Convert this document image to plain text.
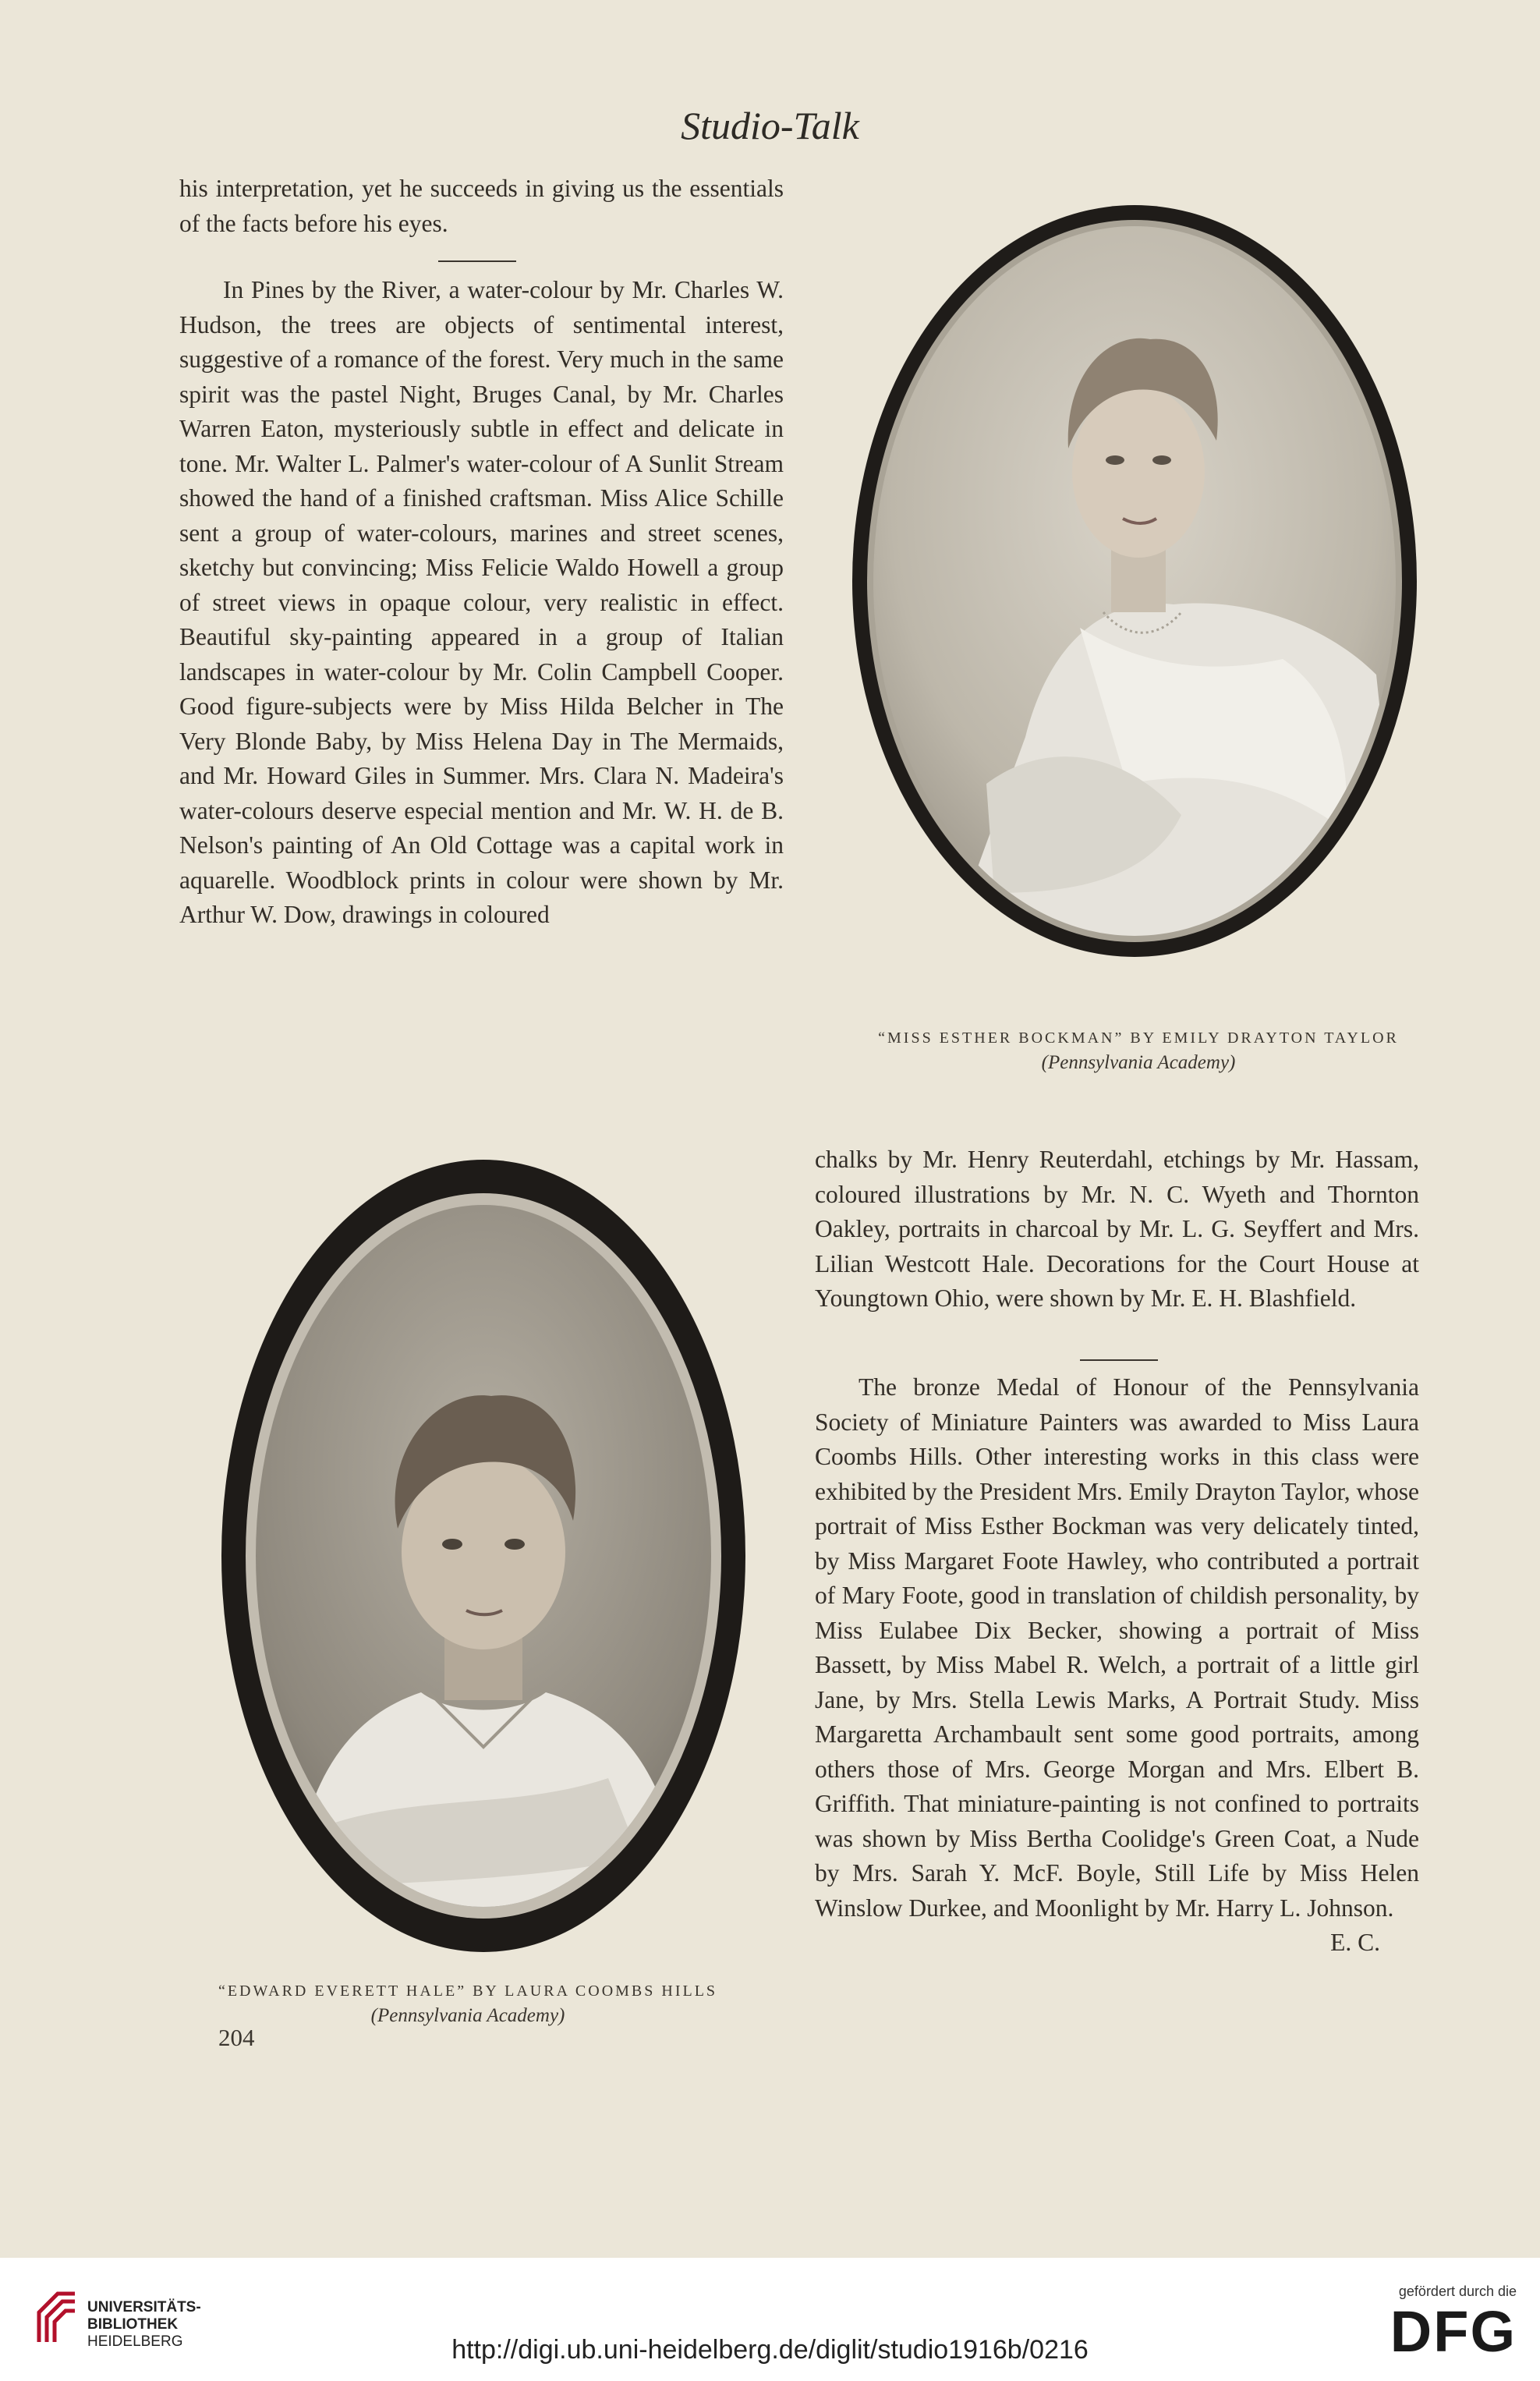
Studio-Talk

his interpretation, yet he succeeds in giving us the essentials of the facts before his eyes.

In Pines by the River, a water-colour by Mr. Charles W. Hudson, the trees are objects of sentimental interest, suggestive of a romance of the forest. Very much in the same spirit was the pastel Night, Bruges Canal, by Mr. Charles Warren Eaton, mysteriously subtle in effect and delicate in tone. Mr. Walter L. Palmer's water-colour of A Sunlit Stream showed the hand of a finished craftsman. Miss Alice Schille sent a group of water-colours, marines and street scenes, sketchy but convincing; Miss Felicie Waldo Howell a group of street views in opaque colour, very realistic in effect. Beautiful sky-painting appeared in a group of Italian landscapes in water-colour by Mr. Colin Campbell Cooper. Good figure-subjects were by Miss Hilda Belcher in The Very Blonde Baby, by Miss Helena Day in The Mermaids, and Mr. Howard Giles in Summer. Mrs. Clara N. Madeira's water-colours deserve especial mention and Mr. W. H. de B. Nelson's painting of An Old Cottage was a capital work in aquarelle. Woodblock prints in colour were shown by Mr. Arthur W. Dow, drawings in coloured

“MISS ESTHER BOCKMAN” BY EMILY DRAYTON TAYLOR
(Pennsylvania Academy)

chalks by Mr. Henry Reuterdahl, etchings by Mr. Hassam, coloured illustrations by Mr. N. C. Wyeth and Thornton Oakley, portraits in charcoal by Mr. L. G. Seyffert and Mrs. Lilian Westcott Hale. Decorations for the Court House at Youngtown Ohio, were shown by Mr. E. H. Blashfield.

The bronze Medal of Honour of the Pennsylvania Society of Miniature Painters was awarded to Miss Laura Coombs Hills. Other interesting works in this class were exhibited by the President Mrs. Emily Drayton Taylor, whose portrait of Miss Esther Bockman was very delicately tinted, by Miss Margaret Foote Hawley, who contributed a portrait of Mary Foote, good in translation of childish personality, by Miss Eulabee Dix Becker, showing a portrait of Miss Bassett, by Miss Mabel R. Welch, a portrait of a little girl Jane, by Mrs. Stella Lewis Marks, A Portrait Study. Miss Margaretta Archambault sent some good portraits, among others those of Mrs. George Morgan and Mrs. Elbert B. Griffith. That miniature-painting is not confined to portraits was shown by Miss Bertha Coolidge's Green Coat, a Nude by Mrs. Sarah Y. McF. Boyle, Still Life by Miss Helen Winslow Durkee, and Moonlight by Mr. Harry L. Johnson.
E. C.

“EDWARD EVERETT HALE” BY LAURA COOMBS HILLS
(Pennsylvania Academy)
204
UNIVERSITÄTS-
BIBLIOTHEK
HEIDELBERG	http://digi.ub.uni-heidelberg.de/diglit/studio1916b/0216
gefördert durch die
DFG
